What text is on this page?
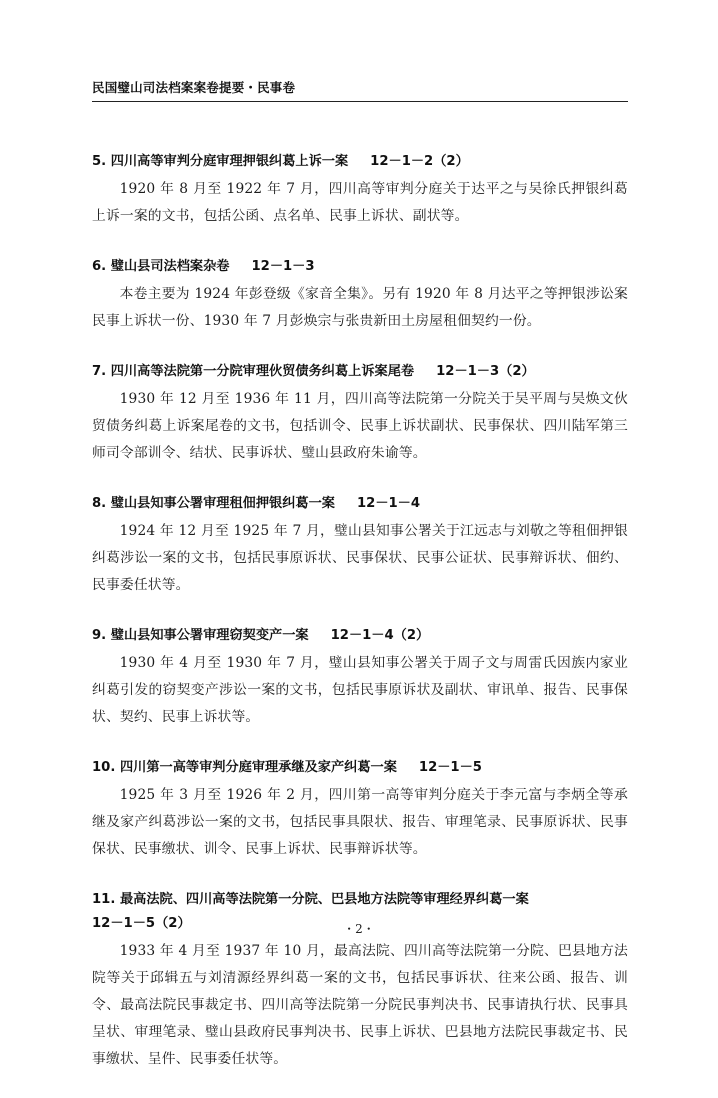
民国璧山司法档案案卷提要・民事卷

5. 四川高等审判分庭审理押银纠葛上诉一案 12－1－2（2）

1920 年 8 月至 1922 年 7 月，四川高等审判分庭关于达平之与吴徐氏押银纠葛上诉一案的文书，包括公函、点名单、民事上诉状、副状等。

6. 璧山县司法档案杂卷 12－1－3

本卷主要为 1924 年彭登级《家音全集》。另有 1920 年 8 月达平之等押银涉讼案民事上诉状一份、1930 年 7 月彭焕宗与张贵新田土房屋租佃契约一份。

7. 四川高等法院第一分院审理伙贸债务纠葛上诉案尾卷 12－1－3（2）

1930 年 12 月至 1936 年 11 月，四川高等法院第一分院关于吴平周与吴焕文伙贸债务纠葛上诉案尾卷的文书，包括训令、民事上诉状副状、民事保状、四川陆军第三师司令部训令、结状、民事诉状、璧山县政府朱谕等。

8. 璧山县知事公署审理租佃押银纠葛一案 12－1－4

1924 年 12 月至 1925 年 7 月，璧山县知事公署关于江远志与刘敬之等租佃押银纠葛涉讼一案的文书，包括民事原诉状、民事保状、民事公证状、民事辩诉状、佃约、民事委任状等。

9. 璧山县知事公署审理窃契变产一案 12－1－4（2）

1930 年 4 月至 1930 年 7 月，璧山县知事公署关于周子文与周雷氏因族内家业纠葛引发的窃契变产涉讼一案的文书，包括民事原诉状及副状、审讯单、报告、民事保状、契约、民事上诉状等。

10. 四川第一高等审判分庭审理承继及家产纠葛一案 12－1－5

1925 年 3 月至 1926 年 2 月，四川第一高等审判分庭关于李元富与李炳全等承继及家产纠葛涉讼一案的文书，包括民事具限状、报告、审理笔录、民事原诉状、民事保状、民事缴状、训令、民事上诉状、民事辩诉状等。

11. 最高法院、四川高等法院第一分院、巴县地方法院等审理经界纠葛一案
12－1－5（2）

1933 年 4 月至 1937 年 10 月，最高法院、四川高等法院第一分院、巴县地方法院等关于邱辑五与刘清源经界纠葛一案的文书，包括民事诉状、往来公函、报告、训令、最高法院民事裁定书、四川高等法院第一分院民事判决书、民事请执行状、民事具呈状、审理笔录、璧山县政府民事判决书、民事上诉状、巴县地方法院民事裁定书、民事缴状、呈件、民事委任状等。

・2・
